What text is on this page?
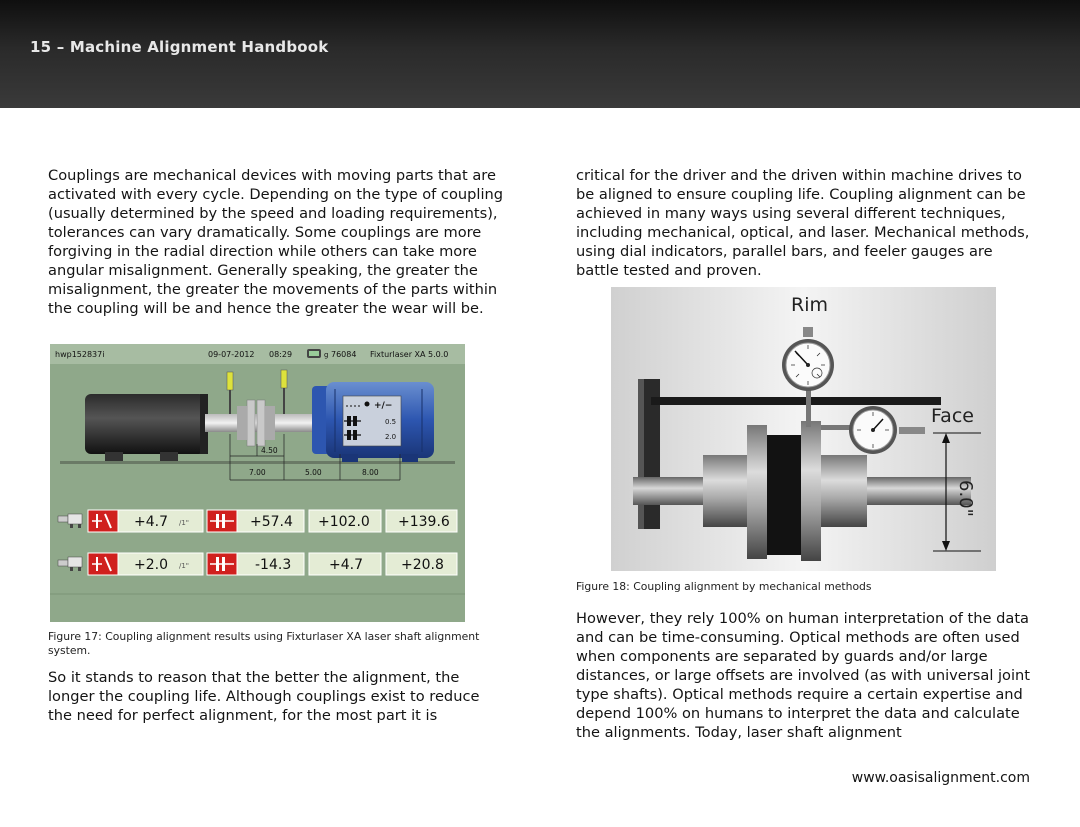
15 – Machine Alignment Handbook

Couplings are mechanical devices with moving parts that are activated with every cycle. Depending on the type of coupling (usually determined by the speed and loading requirements), tolerances can vary dramatically. Some couplings are more forgiving in the radial direction while others can take more angular misalignment. Generally speaking, the greater the misalignment, the greater the movements of the parts within the coupling will be and hence the greater the wear will be.

hwp152837i	09-07-2012 08:29	g 76084 Fixturlaser XA 5.0.0
+/−
0.5
2.0
4.50
7.00	5.00	8.00
+4.7 /1"	+57.4 +102.0 +139.6
+2.0 /1"	-14.3	+4.7	+20.8

Figure 17: Coupling alignment results using Fixturlaser XA laser shaft alignment system.

So it stands to reason that the better the alignment, the longer the coupling life. Although couplings exist to reduce the need for perfect alignment, for the most part it is

critical for the driver and the driven within machine drives to be aligned to ensure coupling life. Coupling alignment can be achieved in many ways using several different techniques, including mechanical, optical, and laser. Mechanical methods, using dial indicators, parallel bars, and feeler gauges are battle tested and proven.

Rim
Face
6.0"

Figure 18: Coupling alignment by mechanical methods

However, they rely 100% on human interpretation of the data and can be time-consuming. Optical methods are often used when components are separated by guards and/or large distances, or large offsets are involved (as with universal joint type shafts). Optical methods require a certain expertise and depend 100% on humans to interpret the data and calculate the alignments. Today, laser shaft alignment

www.oasisalignment.com
